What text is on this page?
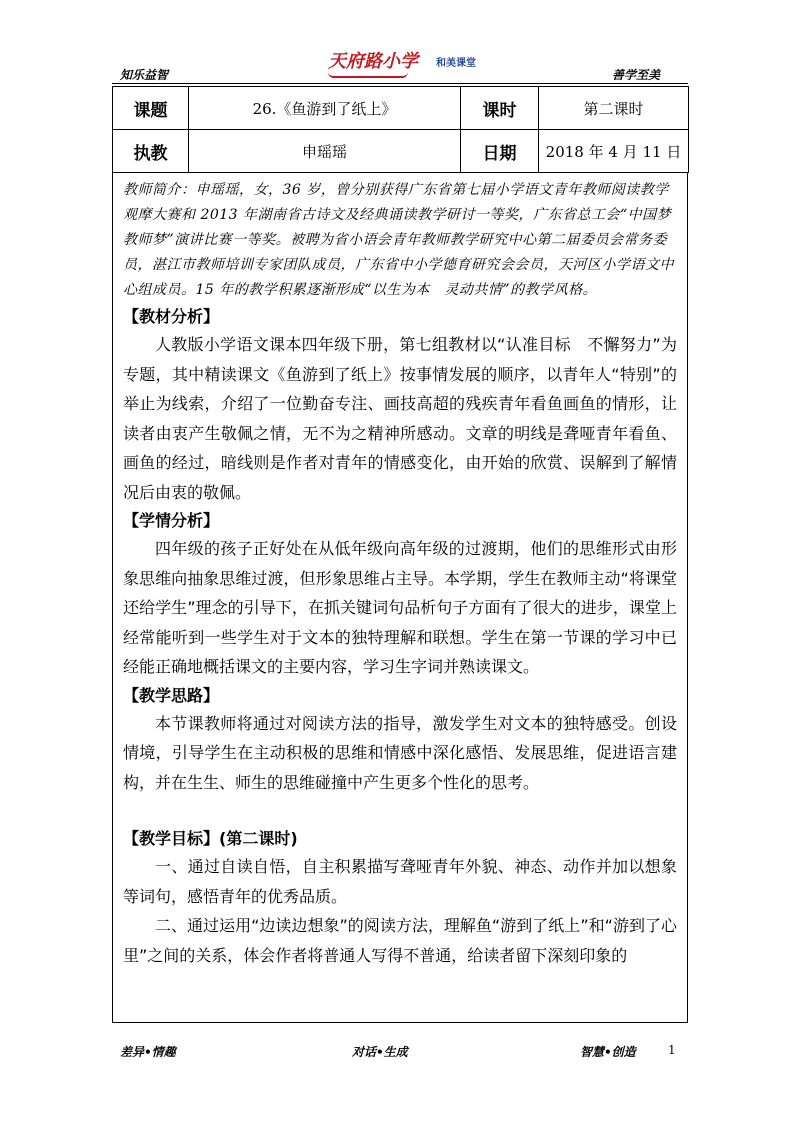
知乐益智
天府路小学 和美课堂
善学至美
课题	26.《鱼游到了纸上》	课时	第二课时
执教	申瑶瑶	日期	2018 年 4 月 11 日
教师简介：申瑶瑶，女，36 岁，曾分别获得广东省第七届小学语文青年教师阅读教学观摩大赛和 2013 年湖南省古诗文及经典诵读教学研讨一等奖，广东省总工会“中国梦　教师梦”演讲比赛一等奖。被聘为省小语会青年教师教学研究中心第二届委员会常务委员，湛江市教师培训专家团队成员，广东省中小学德育研究会会员，天河区小学语文中心组成员。15 年的教学积累逐渐形成“以生为本　灵动共情”的教学风格。
【教材分析】
人教版小学语文课本四年级下册，第七组教材以“认准目标　不懈努力”为专题，其中精读课文《鱼游到了纸上》按事情发展的顺序，以青年人“特别”的举止为线索，介绍了一位勤奋专注、画技高超的残疾青年看鱼画鱼的情形，让读者由衷产生敬佩之情，无不为之精神所感动。文章的明线是聋哑青年看鱼、画鱼的经过，暗线则是作者对青年的情感变化，由开始的欣赏、误解到了解情况后由衷的敬佩。
【学情分析】
四年级的孩子正好处在从低年级向高年级的过渡期，他们的思维形式由形象思维向抽象思维过渡，但形象思维占主导。本学期，学生在教师主动“将课堂还给学生”理念的引导下，在抓关键词句品析句子方面有了很大的进步，课堂上经常能听到一些学生对于文本的独特理解和联想。学生在第一节课的学习中已经能正确地概括课文的主要内容，学习生字词并熟读课文。
【教学思路】
本节课教师将通过对阅读方法的指导，激发学生对文本的独特感受。创设情境，引导学生在主动积极的思维和情感中深化感悟、发展思维，促进语言建构，并在生生、师生的思维碰撞中产生更多个性化的思考。
【教学目标】(第二课时)
一、通过自读自悟，自主积累描写聋哑青年外貌、神态、动作并加以想象等词句，感悟青年的优秀品质。
二、通过运用“边读边想象”的阅读方法，理解鱼“游到了纸上”和“游到了心里”之间的关系，体会作者将普通人写得不普通，给读者留下深刻印象的
差异•情趣	对话•生成	智慧•创造	1
